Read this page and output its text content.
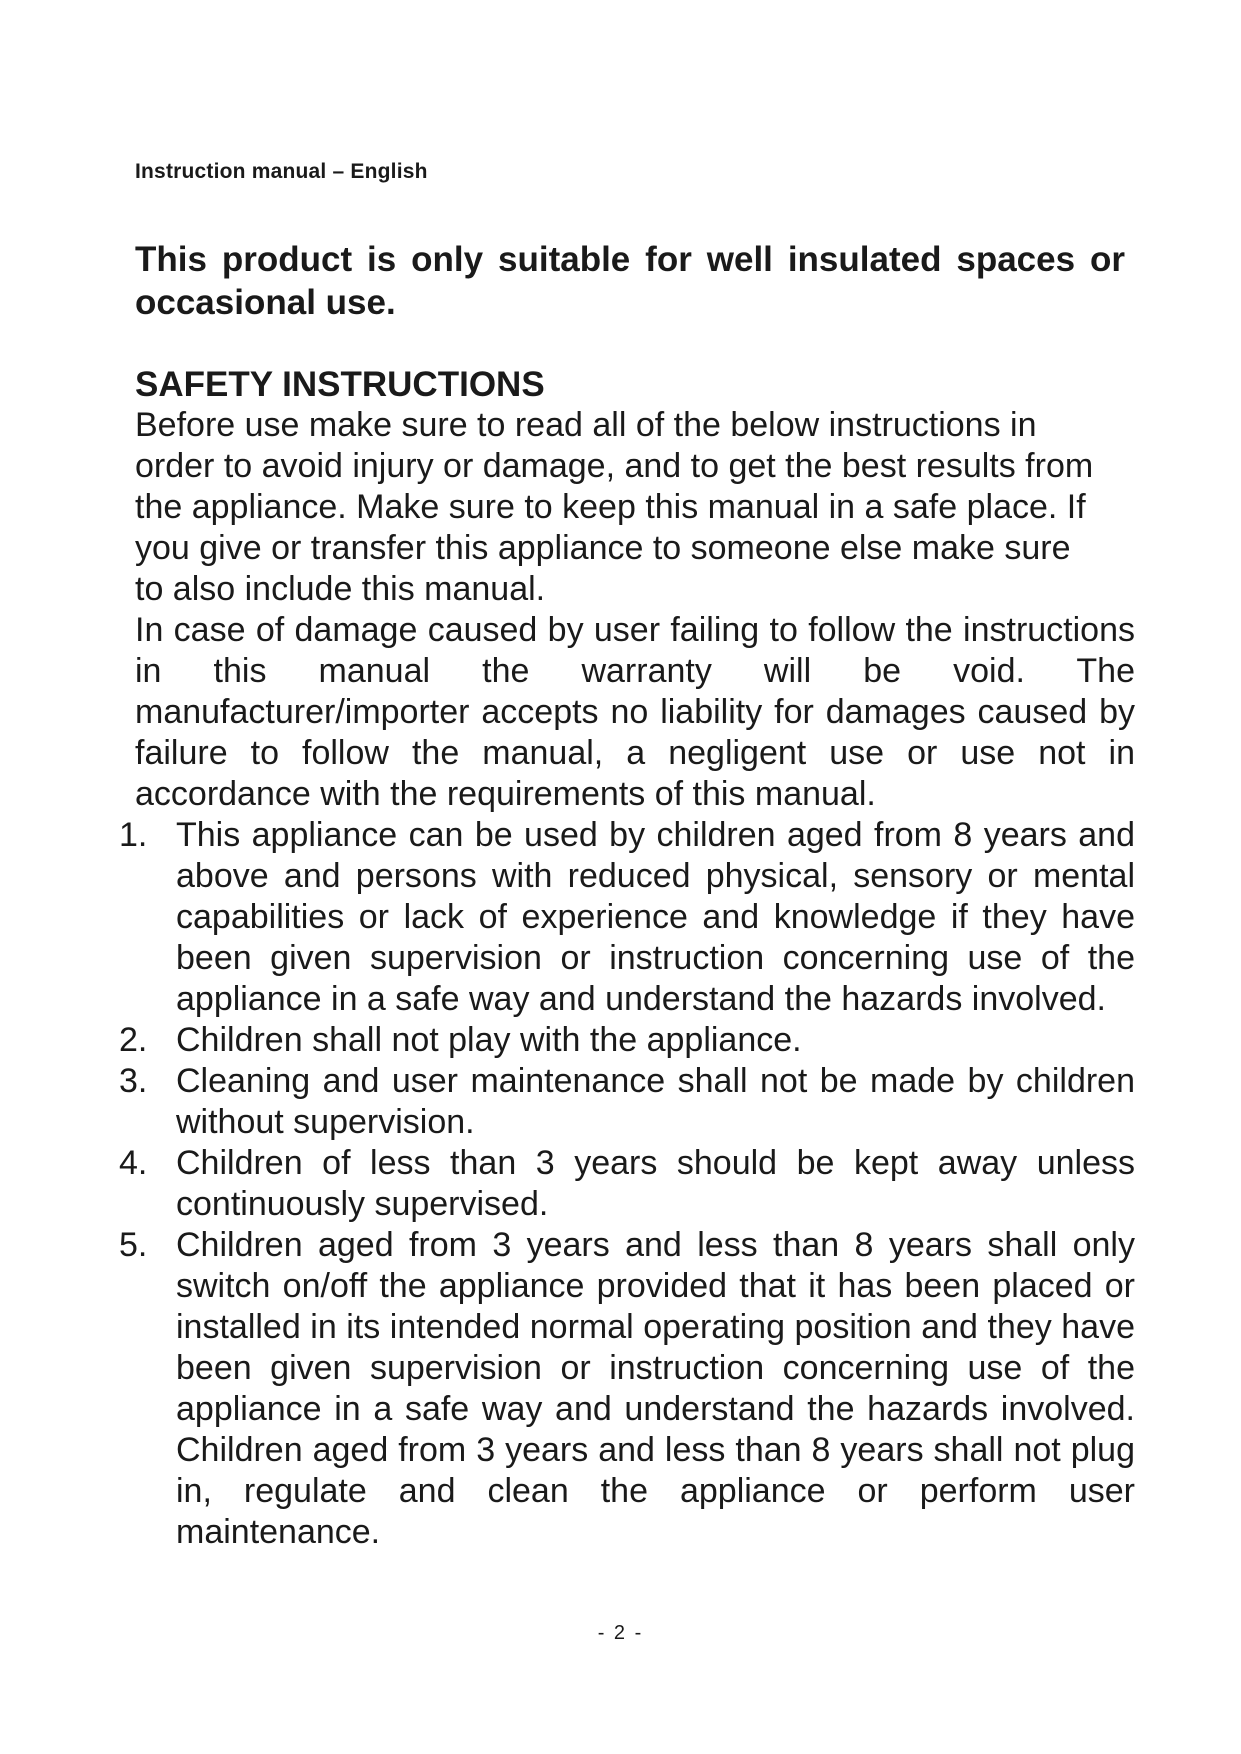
Instruction manual – English
This product is only suitable for well insulated spaces or occasional use.
SAFETY INSTRUCTIONS

Before use make sure to read all of the below instructions in order to avoid injury or damage, and to get the best results from the appliance. Make sure to keep this manual in a safe place. If you give or transfer this appliance to someone else make sure to also include this manual.

In case of damage caused by user failing to follow the instructions in this manual the warranty will be void. The manufacturer/importer accepts no liability for damages caused by failure to follow the manual, a negligent use or use not in accordance with the requirements of this manual.

1. This appliance can be used by children aged from 8 years and above and persons with reduced physical, sensory or mental capabilities or lack of experience and knowledge if they have been given supervision or instruction concerning use of the appliance in a safe way and understand the hazards involved.
2. Children shall not play with the appliance.
3. Cleaning and user maintenance shall not be made by children without supervision.
4. Children of less than 3 years should be kept away unless continuously supervised.
5. Children aged from 3 years and less than 8 years shall only switch on/off the appliance provided that it has been placed or installed in its intended normal operating position and they have been given supervision or instruction concerning use of the appliance in a safe way and understand the hazards involved. Children aged from 3 years and less than 8 years shall not plug in, regulate and clean the appliance or perform user maintenance.
- 2 -
